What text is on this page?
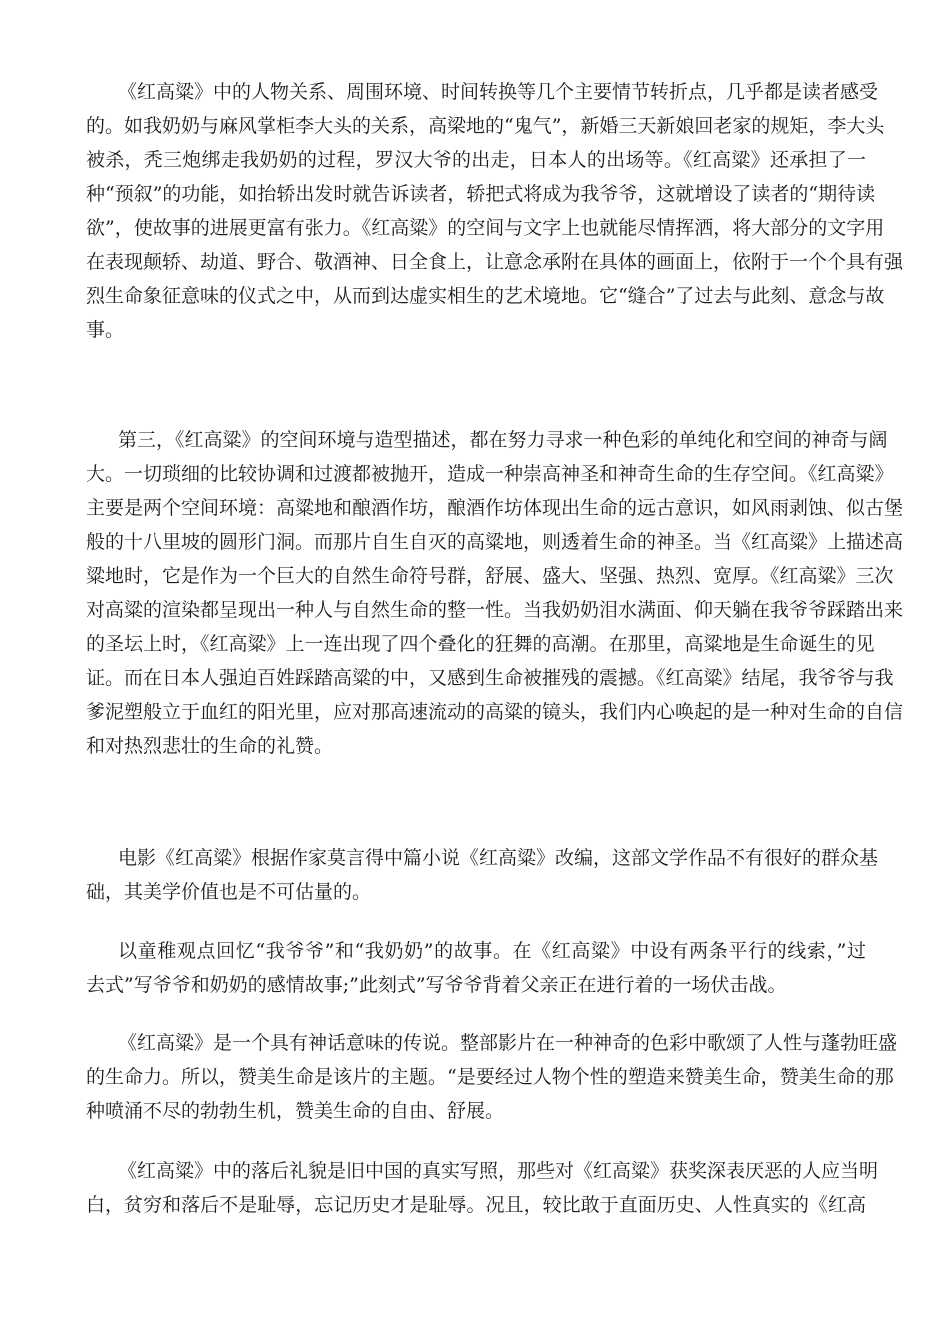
《红高粱》中的人物关系、周围环境、时间转换等几个主要情节转折点，几乎都是读者感受
的。如我奶奶与麻风掌柜李大头的关系，高梁地的“鬼气”，新婚三天新娘回老家的规矩，李大头
被杀，秃三炮绑走我奶奶的过程，罗汉大爷的出走，日本人的出场等。《红高粱》还承担了一
种“预叙”的功能，如抬轿出发时就告诉读者，轿把式将成为我爷爷，这就增设了读者的“期待读
欲”，使故事的进展更富有张力。《红高粱》的空间与文字上也就能尽情挥洒，将大部分的文字用
在表现颠轿、劫道、野合、敬酒神、日全食上，让意念承附在具体的画面上，依附于一个个具有强
烈生命象征意味的仪式之中，从而到达虚实相生的艺术境地。它“缝合”了过去与此刻、意念与故
事。
第三，《红高粱》的空间环境与造型描述，都在努力寻求一种色彩的单纯化和空间的神奇与阔
大。一切琐细的比较协调和过渡都被抛开，造成一种崇高神圣和神奇生命的生存空间。《红高粱》
主要是两个空间环境：高粱地和酿酒作坊，酿酒作坊体现出生命的远古意识，如风雨剥蚀、似古堡
般的十八里坡的圆形门洞。而那片自生自灭的高粱地，则透着生命的神圣。当《红高粱》上描述高
粱地时，它是作为一个巨大的自然生命符号群，舒展、盛大、坚强、热烈、宽厚。《红高粱》三次
对高粱的渲染都呈现出一种人与自然生命的整一性。当我奶奶泪水满面、仰天躺在我爷爷踩踏出来
的圣坛上时，《红高粱》上一连出现了四个叠化的狂舞的高潮。在那里，高粱地是生命诞生的见
证。而在日本人强迫百姓踩踏高粱的中，又感到生命被摧残的震撼。《红高粱》结尾，我爷爷与我
爹泥塑般立于血红的阳光里，应对那高速流动的高粱的镜头，我们内心唤起的是一种对生命的自信
和对热烈悲壮的生命的礼赞。
电影《红高粱》根据作家莫言得中篇小说《红高粱》改编，这部文学作品不有很好的群众基
础，其美学价值也是不可估量的。
以童稚观点回忆“我爷爷”和“我奶奶”的故事。在《红高粱》中设有两条平行的线索，”过
去式”写爷爷和奶奶的感情故事;”此刻式”写爷爷背着父亲正在进行着的一场伏击战。
《红高粱》是一个具有神话意味的传说。整部影片在一种神奇的色彩中歌颂了人性与蓬勃旺盛
的生命力。所以，赞美生命是该片的主题。“是要经过人物个性的塑造来赞美生命，赞美生命的那
种喷涌不尽的勃勃生机，赞美生命的自由、舒展。
《红高粱》中的落后礼貌是旧中国的真实写照，那些对《红高粱》获奖深表厌恶的人应当明
白，贫穷和落后不是耻辱，忘记历史才是耻辱。况且，较比敢于直面历史、人性真实的《红高
